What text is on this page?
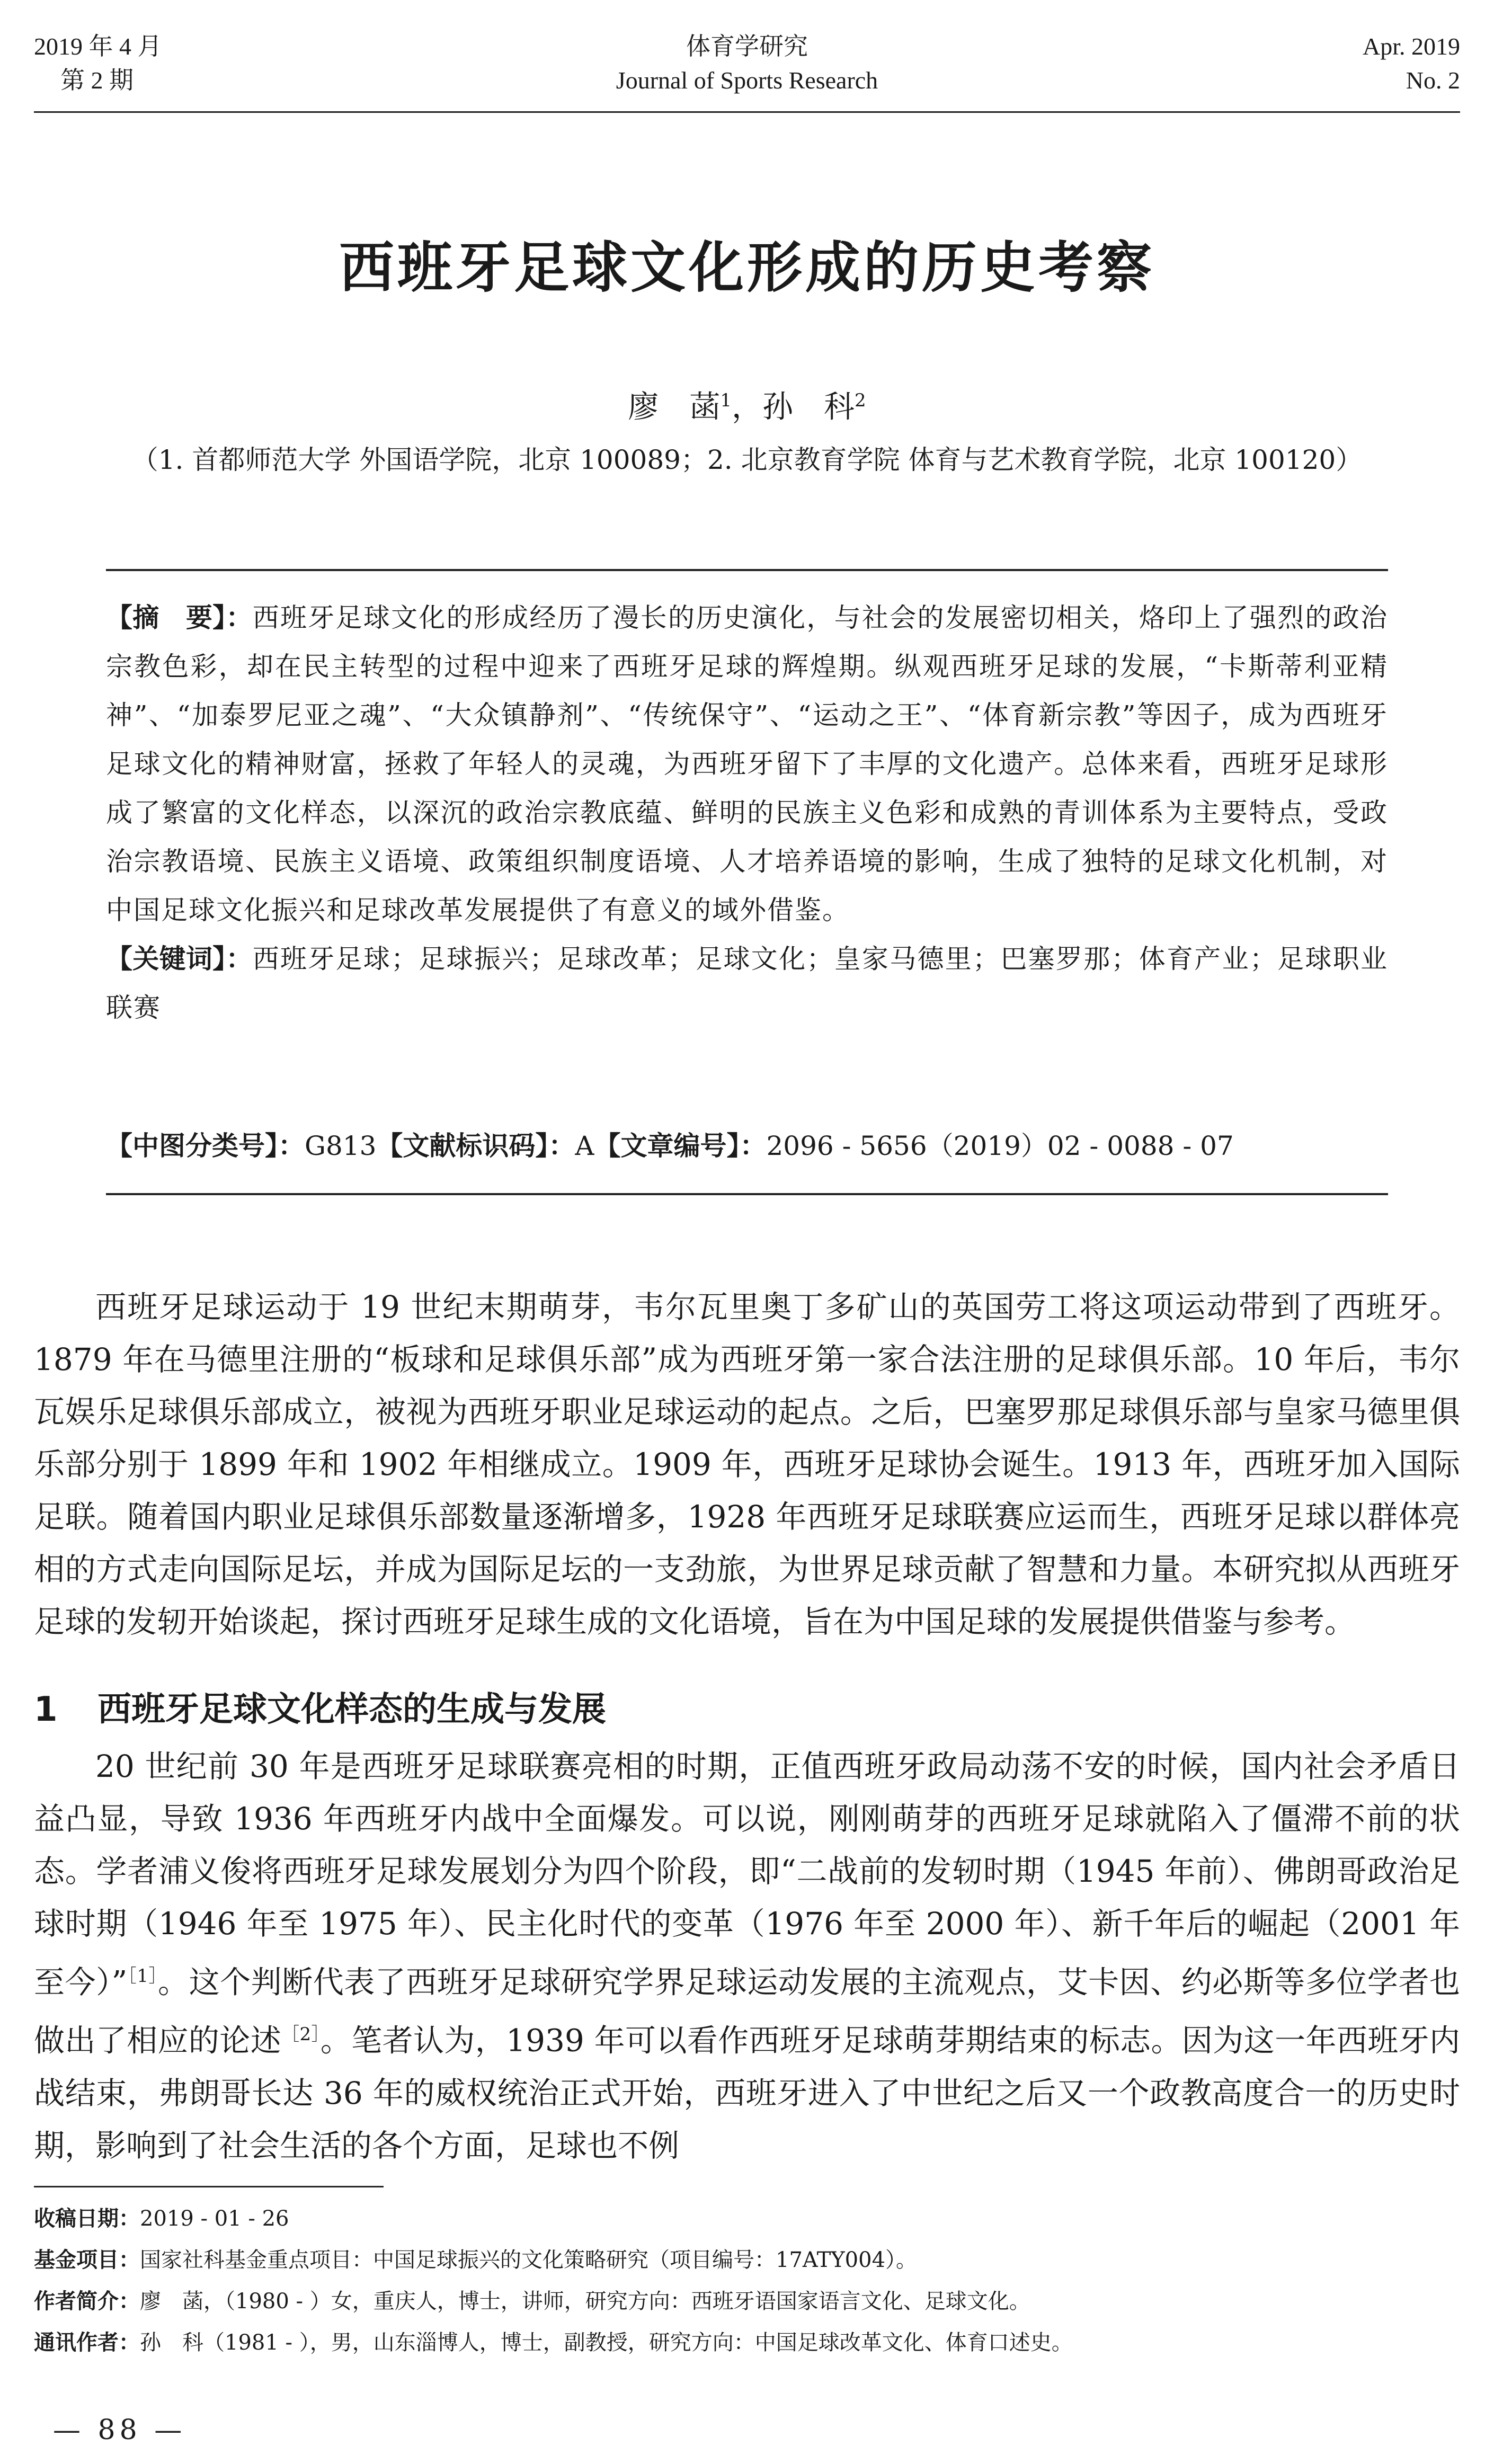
2019 年 4 月
第 2 期
体育学研究
Journal of Sports Research
Apr. 2019
No. 2
西班牙足球文化形成的历史考察
廖　菡$^1$，孙　科$^2$
（1. 首都师范大学 外国语学院，北京 100089；2. 北京教育学院 体育与艺术教育学院，北京 100120）
【摘　要】：西班牙足球文化的形成经历了漫长的历史演化，与社会的发展密切相关，烙印上了强烈的政治宗教色彩，却在民主转型的过程中迎来了西班牙足球的辉煌期。纵观西班牙足球的发展，“卡斯蒂利亚精神”、“加泰罗尼亚之魂”、“大众镇静剂”、“传统保守”、“运动之王”、“体育新宗教”等因子，成为西班牙足球文化的精神财富，拯救了年轻人的灵魂，为西班牙留下了丰厚的文化遗产。总体来看，西班牙足球形成了繁富的文化样态，以深沉的政治宗教底蕴、鲜明的民族主义色彩和成熟的青训体系为主要特点，受政治宗教语境、民族主义语境、政策组织制度语境、人才培养语境的影响，生成了独特的足球文化机制，对中国足球文化振兴和足球改革发展提供了有意义的域外借鉴。
【关键词】：西班牙足球；足球振兴；足球改革；足球文化；皇家马德里；巴塞罗那；体育产业；足球职业联赛
【中图分类号】：G813【文献标识码】：A【文章编号】：2096 - 5656（2019）02 - 0088 - 07

西班牙足球运动于 19 世纪末期萌芽，韦尔瓦里奥丁多矿山的英国劳工将这项运动带到了西班牙。1879 年在马德里注册的“板球和足球俱乐部”成为西班牙第一家合法注册的足球俱乐部。10 年后，韦尔瓦娱乐足球俱乐部成立，被视为西班牙职业足球运动的起点。之后，巴塞罗那足球俱乐部与皇家马德里俱乐部分别于 1899 年和 1902 年相继成立。1909 年，西班牙足球协会诞生。1913 年，西班牙加入国际足联。随着国内职业足球俱乐部数量逐渐增多，1928 年西班牙足球联赛应运而生，西班牙足球以群体亮相的方式走向国际足坛，并成为国际足坛的一支劲旅，为世界足球贡献了智慧和力量。本研究拟从西班牙足球的发轫开始谈起，探讨西班牙足球生成的文化语境，旨在为中国足球的发展提供借鉴与参考。

1 西班牙足球文化样态的生成与发展

20 世纪前 30 年是西班牙足球联赛亮相的时期，正值西班牙政局动荡不安的时候，国内社会矛盾日益凸显，导致 1936 年西班牙内战中全面爆发。可以说，刚刚萌芽的西班牙足球就陷入了僵滞不前的状态。学者浦义俊将西班牙足球发展划分为四个阶段，即“二战前的发轫时期（1945 年前）、佛朗哥政治足球时期（1946 年至 1975 年）、民主化时代的变革（1976 年至 2000 年）、新千年后的崛起（2001 年至今）”$^{[1]}$。这个判断代表了西班牙足球研究学界足球运动发展的主流观点，艾卡因、约必斯等多位学者也做出了相应的论述$^{[2]}$。笔者认为，1939 年可以看作西班牙足球萌芽期结束的标志。因为这一年西班牙内战结束，弗朗哥长达 36 年的威权统治正式开始，西班牙进入了中世纪之后又一个政教高度合一的历史时期，影响到了社会生活的各个方面，足球也不例

收稿日期：2019 - 01 - 26
基金项目：国家社科基金重点项目：中国足球振兴的文化策略研究（项目编号：17ATY004）。
作者简介：廖　菡，（1980 - ）女，重庆人，博士，讲师，研究方向：西班牙语国家语言文化、足球文化。
通讯作者：孙　科（1981 - ），男，山东淄博人，博士，副教授，研究方向：中国足球改革文化、体育口述史。
— 88 —
